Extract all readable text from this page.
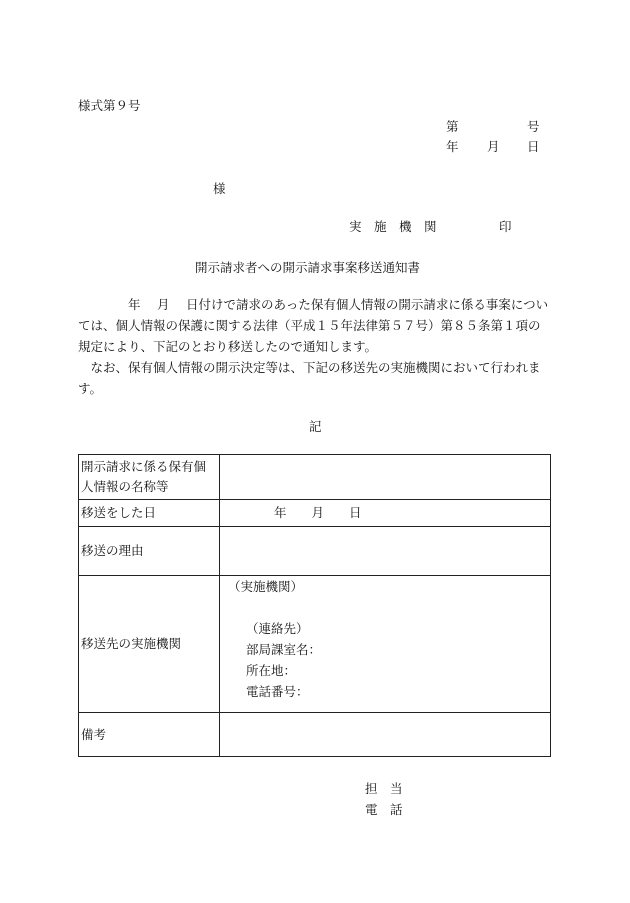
様式第９号
第	号
年 月 日
様
実　施　機　関	印
開示請求者への開示請求事案移送通知書
　　　　年　 月　 日付けで請求のあった保有個人情報の開示請求に係る事案については、個人情報の保護に関する法律（平成１５年法律第５７号）第８５条第１項の規定により、下記のとおり移送したので通知します。
　なお、保有個人情報の開示決定等は、下記の移送先の実施機関において行われます。
記
開示請求に係る保有個人情報の名称等	
移送をした日	年　　月　　日
移送の理由	
移送先の実施機関	（実施機関）
（連絡先）
部局課室名：
所在地：
電話番号：

備考	
担　当
電　話
